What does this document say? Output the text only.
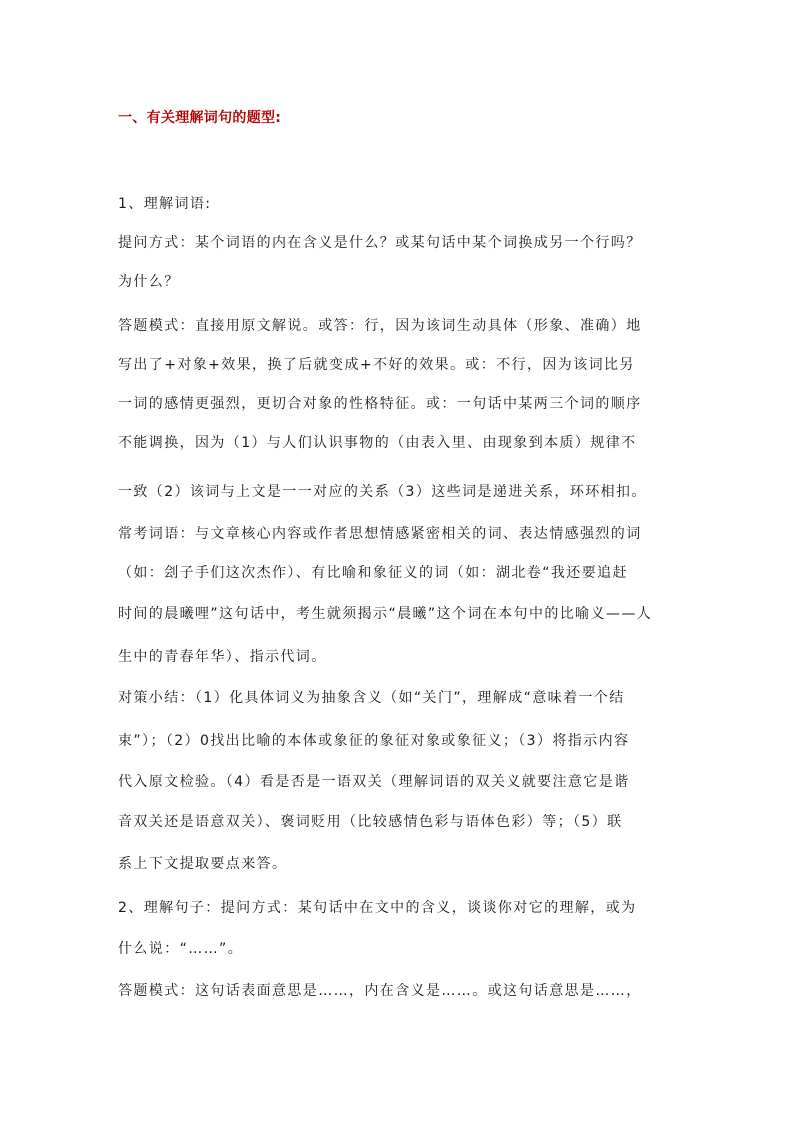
一、有关理解词句的题型:
1、理解词语:
提问方式：某个词语的内在含义是什么？或某句话中某个词换成另一个行吗？
为什么？
答题模式：直接用原文解说。或答：行，因为该词生动具体（形象、准确）地
写出了+对象+效果，换了后就变成+不好的效果。或：不行，因为该词比另
一词的感情更强烈，更切合对象的性格特征。或：一句话中某两三个词的顺序
不能调换，因为（1）与人们认识事物的（由表入里、由现象到本质）规律不
一致（2）该词与上文是一一对应的关系（3）这些词是递进关系，环环相扣。
常考词语：与文章核心内容或作者思想情感紧密相关的词、表达情感强烈的词
（如：刽子手们这次杰作）、有比喻和象征义的词（如：湖北卷“我还要追赶
时间的晨曦哩”这句话中，考生就须揭示“晨曦”这个词在本句中的比喻义——人
生中的青春年华）、指示代词。
对策小结：（1）化具体词义为抽象含义（如“关门”，理解成“意味着一个结
束”）；（2）0找出比喻的本体或象征的象征对象或象征义；（3）将指示内容
代入原文检验。（4）看是否是一语双关（理解词语的双关义就要注意它是谐
音双关还是语意双关）、褒词贬用（比较感情色彩与语体色彩）等；（5）联
系上下文提取要点来答。
2、理解句子：提问方式：某句话中在文中的含义，谈谈你对它的理解，或为
什么说：“……”。
答题模式：这句话表面意思是……，内在含义是……。或这句话意思是……，
